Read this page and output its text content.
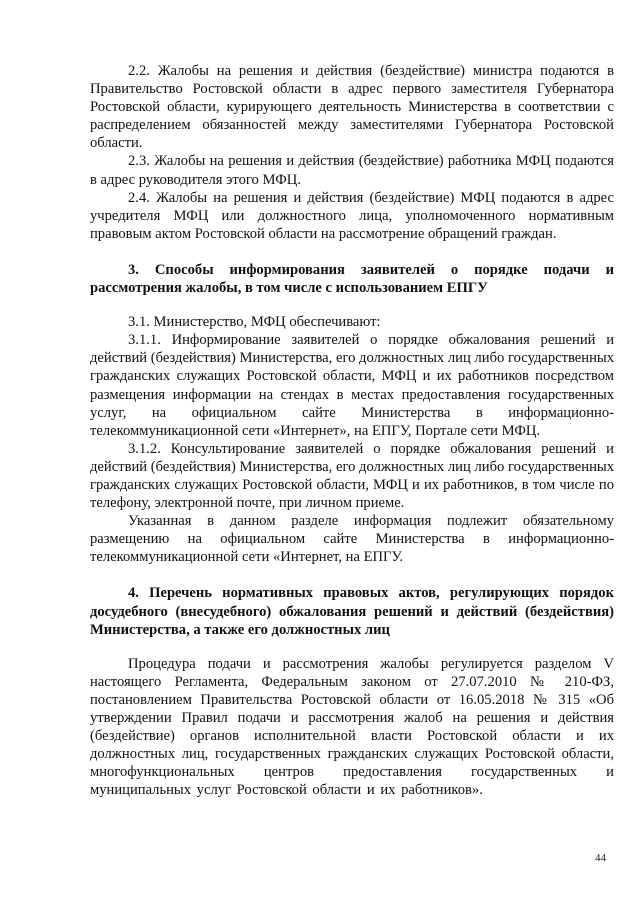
2.2. Жалобы на решения и действия (бездействие) министра подаются в Правительство Ростовской области в адрес первого заместителя Губернатора Ростовской области, курирующего деятельность Министерства в соответствии с распределением обязанностей между заместителями Губернатора Ростовской области.

2.3. Жалобы на решения и действия (бездействие) работника МФЦ подаются в адрес руководителя этого МФЦ.

2.4. Жалобы на решения и действия (бездействие) МФЦ подаются в адрес учредителя МФЦ или должностного лица, уполномоченного нормативным правовым актом Ростовской области на рассмотрение обращений граждан.

3. Способы информирования заявителей о порядке подачи и рассмотрения жалобы, в том числе с использованием ЕПГУ

3.1. Министерство, МФЦ обеспечивают:

3.1.1. Информирование заявителей о порядке обжалования решений и действий (бездействия) Министерства, его должностных лиц либо государственных гражданских служащих Ростовской области, МФЦ и их работников посредством размещения информации на стендах в местах предоставления государственных услуг, на официальном сайте Министерства в информационно-телекоммуникационной сети «Интернет», на ЕПГУ, Портале сети МФЦ.

3.1.2. Консультирование заявителей о порядке обжалования решений и действий (бездействия) Министерства, его должностных лиц либо государственных гражданских служащих Ростовской области, МФЦ и их работников, в том числе по телефону, электронной почте, при личном приеме.

Указанная в данном разделе информация подлежит обязательному размещению на официальном сайте Министерства в информационно-телекоммуникационной сети «Интернет, на ЕПГУ.

4. Перечень нормативных правовых актов, регулирующих порядок досудебного (внесудебного) обжалования решений и действий (бездействия) Министерства, а также его должностных лиц

Процедура подачи и рассмотрения жалобы регулируется разделом V настоящего Регламента, Федеральным законом от 27.07.2010 № 210-ФЗ, постановлением Правительства Ростовской области от 16.05.2018 № 315 «Об утверждении Правил подачи и рассмотрения жалоб на решения и действия (бездействие) органов исполнительной власти Ростовской области и их должностных лиц, государственных гражданских служащих Ростовской области, многофункциональных центров предоставления государственных и муниципальных услуг Ростовской области и их работников».

44
